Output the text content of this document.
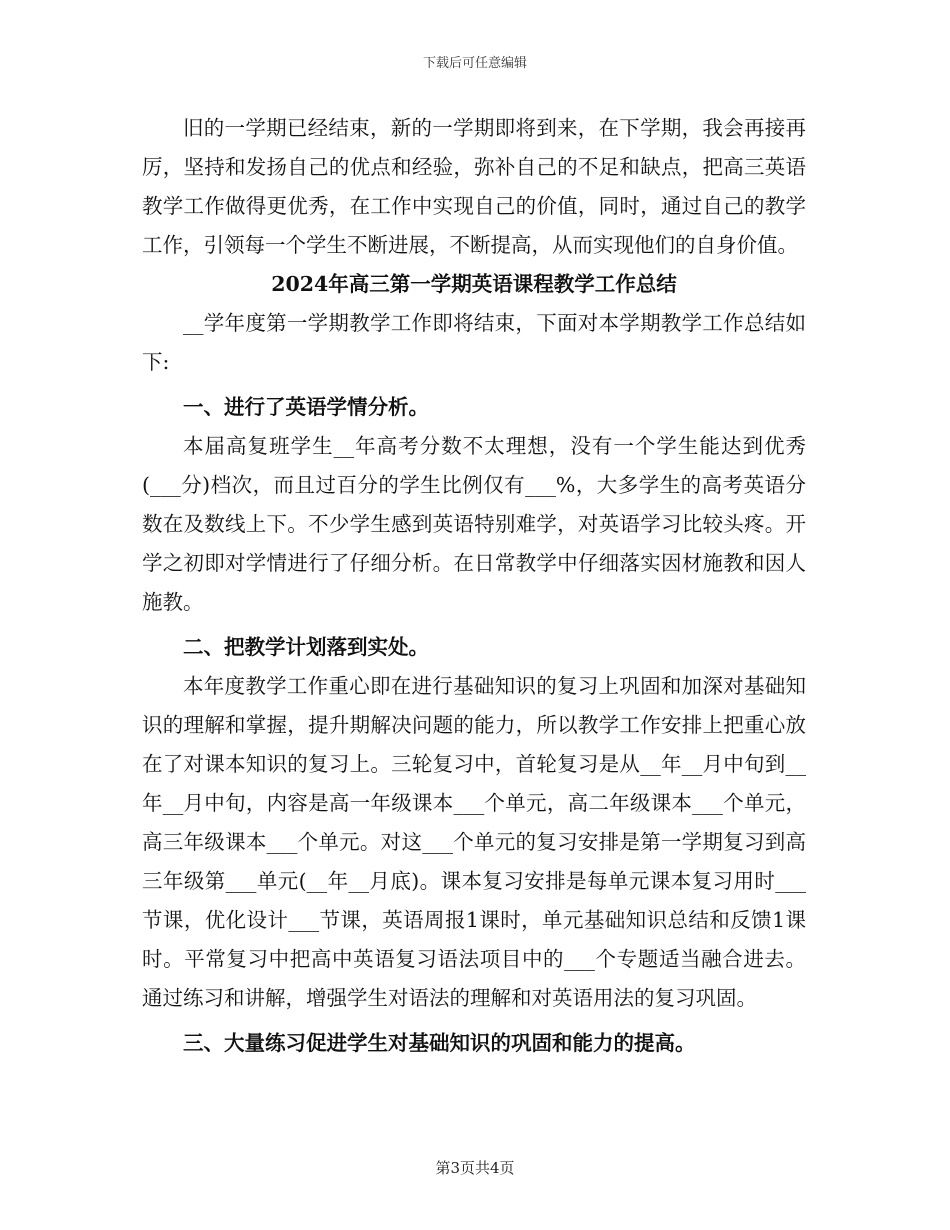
下载后可任意编辑

旧的一学期已经结束，新的一学期即将到来，在下学期，我会再接再厉，坚持和发扬自己的优点和经验，弥补自己的不足和缺点，把高三英语教学工作做得更优秀，在工作中实现自己的价值，同时，通过自己的教学工作，引领每一个学生不断进展，不断提高，从而实现他们的自身价值。

2024年高三第一学期英语课程教学工作总结

__学年度第一学期教学工作即将结束，下面对本学期教学工作总结如下:

一、进行了英语学情分析。

本届高复班学生__年高考分数不太理想，没有一个学生能达到优秀(___分)档次，而且过百分的学生比例仅有___%，大多学生的高考英语分数在及数线上下。不少学生感到英语特别难学，对英语学习比较头疼。开学之初即对学情进行了仔细分析。在日常教学中仔细落实因材施教和因人施教。

二、把教学计划落到实处。

本年度教学工作重心即在进行基础知识的复习上巩固和加深对基础知识的理解和掌握，提升期解决问题的能力，所以教学工作安排上把重心放在了对课本知识的复习上。三轮复习中，首轮复习是从__年__月中旬到__年__月中旬，内容是高一年级课本___个单元，高二年级课本___个单元，高三年级课本___个单元。对这___个单元的复习安排是第一学期复习到高三年级第___单元(__年__月底)。课本复习安排是每单元课本复习用时___节课，优化设计___节课，英语周报1课时，单元基础知识总结和反馈1课时。平常复习中把高中英语复习语法项目中的___个专题适当融合进去。通过练习和讲解，增强学生对语法的理解和对英语用法的复习巩固。

三、大量练习促进学生对基础知识的巩固和能力的提高。

第3页共4页
